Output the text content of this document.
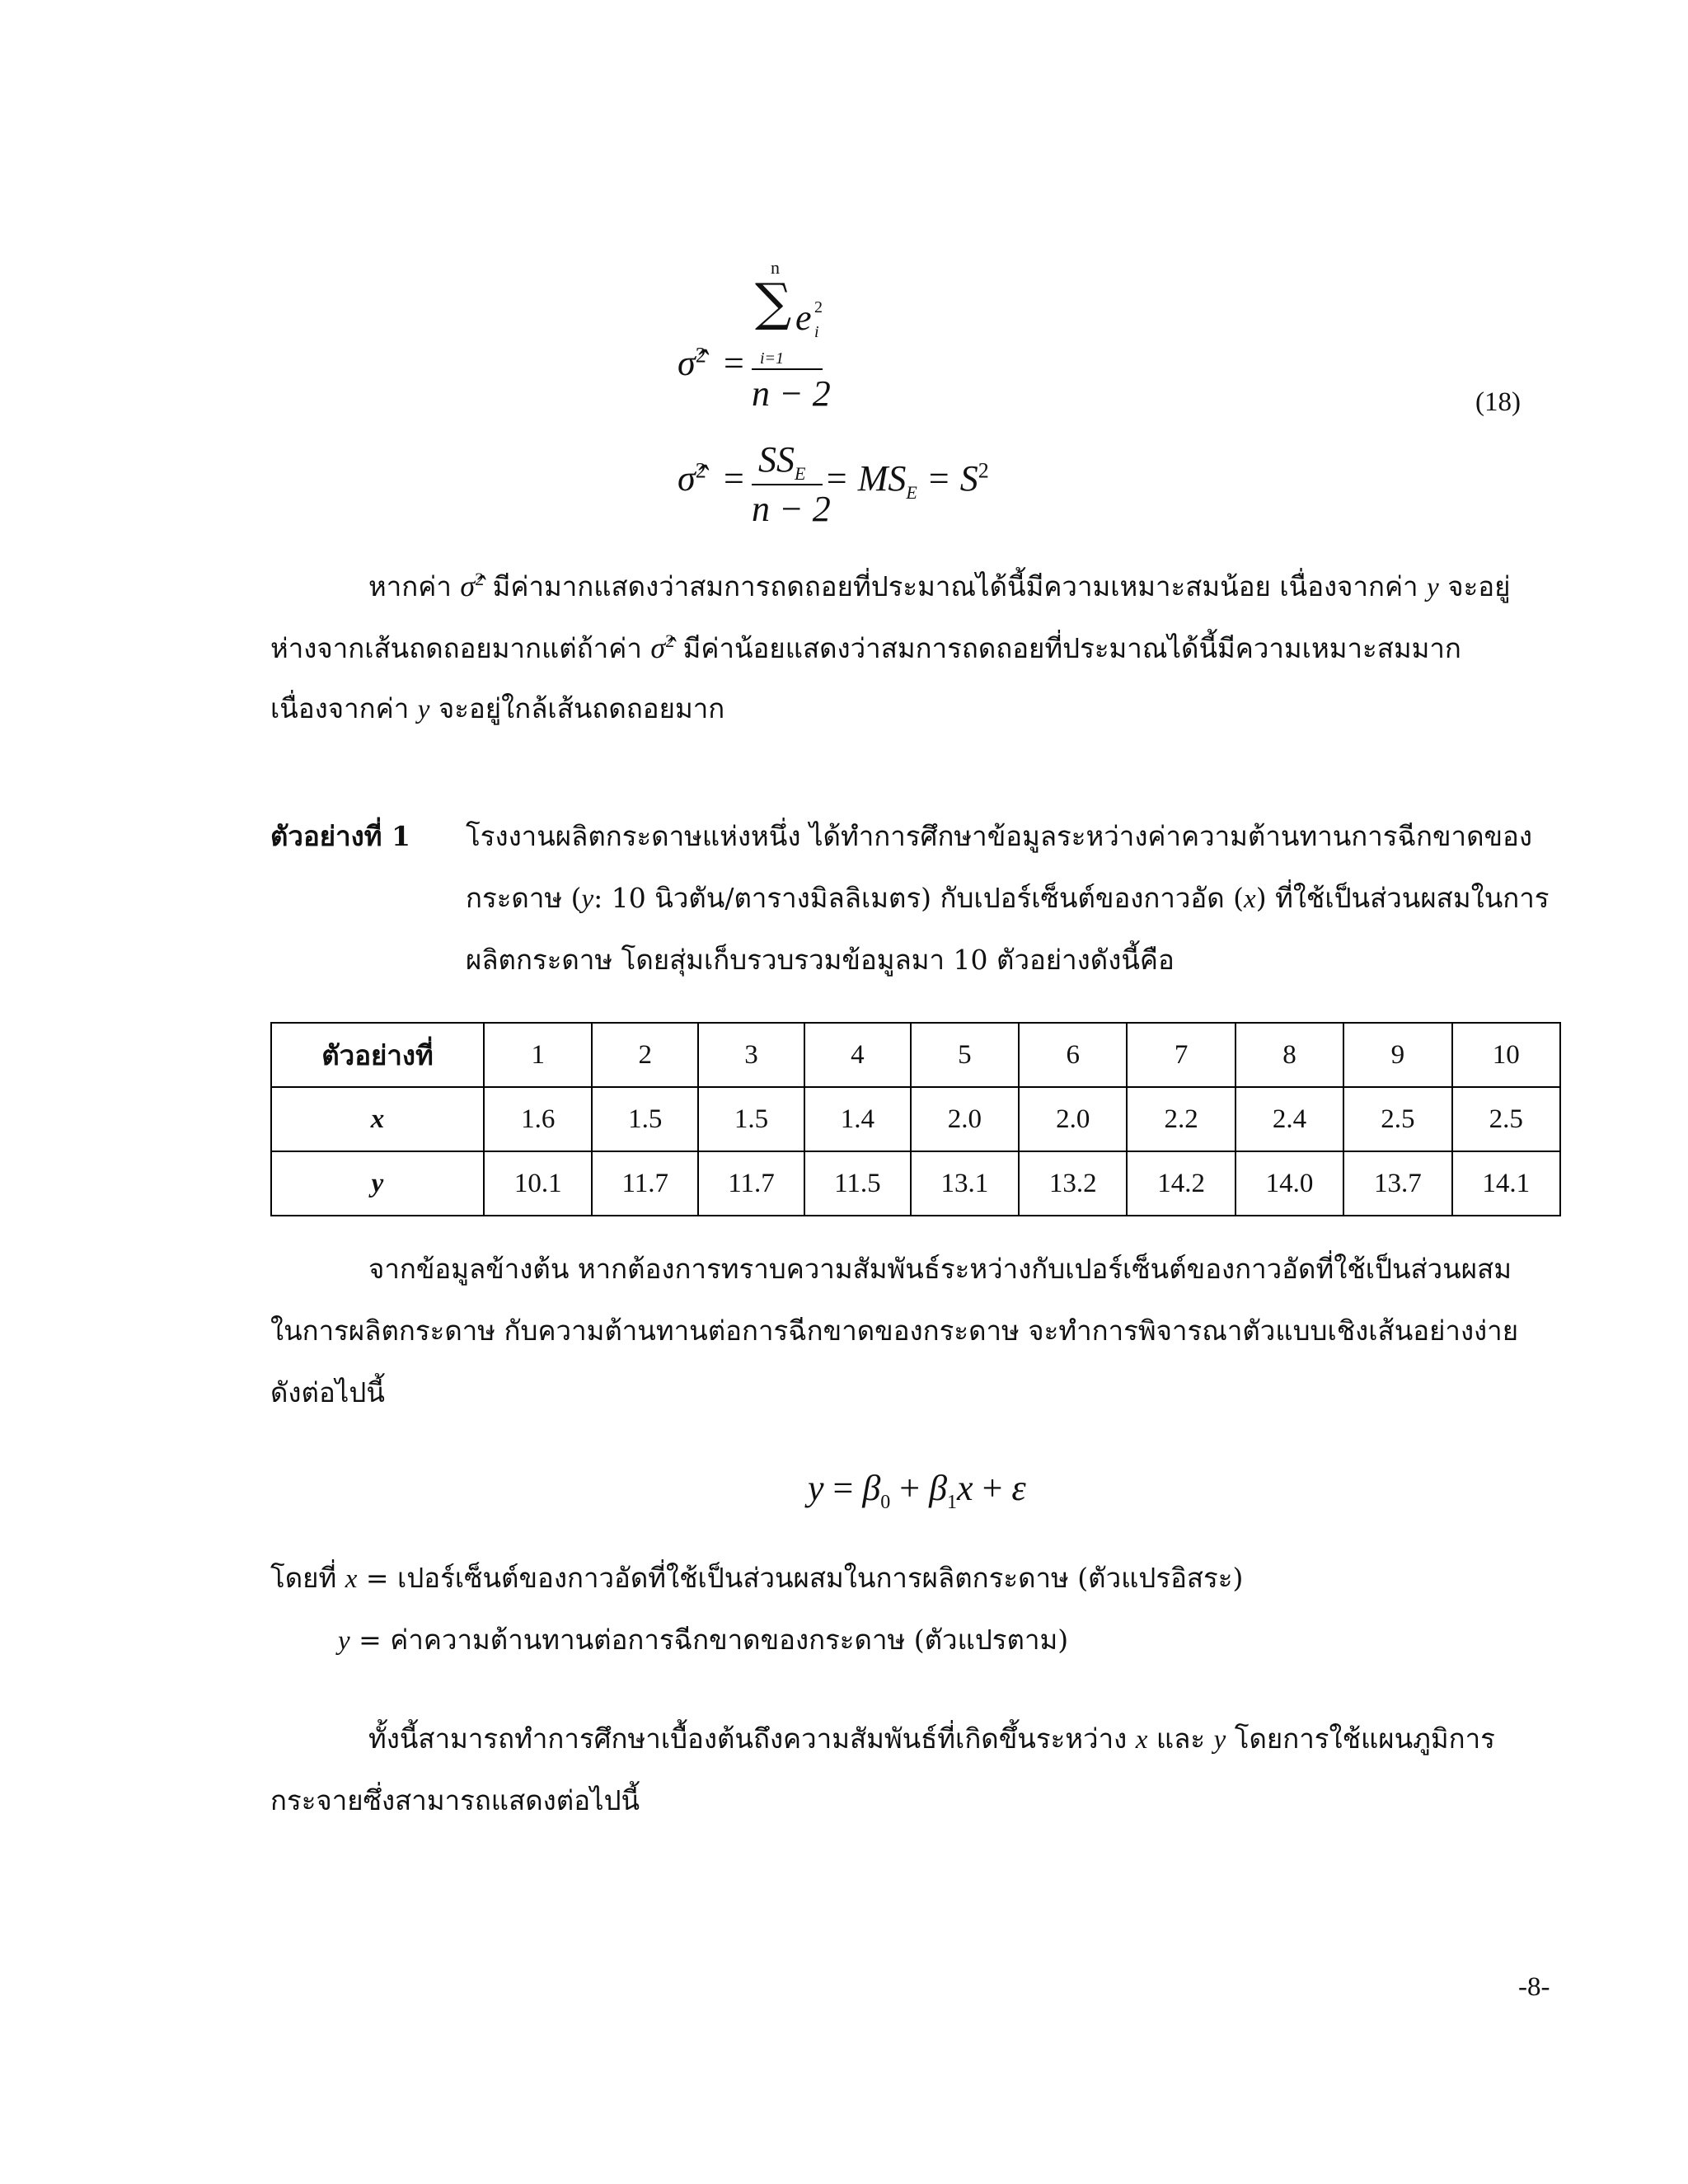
σ̂$^2$ =
n
∑
i=1
e 2
i
n − 2
σ̂$^2$ = $SS_E$
n − 2
= $MS_E = S^2$
(18)
หากค่า σ̂$^2$ มีค่ามากแสดงว่าสมการถดถอยที่ประมาณได้นี้มีความเหมาะสมน้อย เนื่องจากค่า y จะอยู่
ห่างจากเส้นถดถอยมากแต่ถ้าค่า σ̂$^2$ มีค่าน้อยแสดงว่าสมการถดถอยที่ประมาณได้นี้มีความเหมาะสมมาก
เนื่องจากค่า y จะอยู่ใกล้เส้นถดถอยมาก
ตัวอย่างที่ 1 โรงงานผลิตกระดาษแห่งหนึ่ง ได้ทำการศึกษาข้อมูลระหว่างค่าความต้านทานการฉีกขาดของ
กระดาษ (y: 10 นิวตัน/ตารางมิลลิเมตร) กับเปอร์เซ็นต์ของกาวอัด (x) ที่ใช้เป็นส่วนผสมในการ
ผลิตกระดาษ โดยสุ่มเก็บรวบรวมข้อมูลมา 10 ตัวอย่างดังนี้คือ
ตัวอย่างที่	1	2	3	4	5	6	7	8	9	10
x	1.6	1.5	1.5	1.4	2.0	2.0	2.2	2.4	2.5	2.5
y	10.1	11.7	11.7	11.5	13.1	13.2	14.2	14.0	13.7	14.1
จากข้อมูลข้างต้น หากต้องการทราบความสัมพันธ์ระหว่างกับเปอร์เซ็นต์ของกาวอัดที่ใช้เป็นส่วนผสม
ในการผลิตกระดาษ กับความต้านทานต่อการฉีกขาดของกระดาษ จะทำการพิจารณาตัวแบบเชิงเส้นอย่างง่าย
ดังต่อไปนี้
$y = \beta_0 + \beta_1x + \varepsilon$
โดยที่ x = เปอร์เซ็นต์ของกาวอัดที่ใช้เป็นส่วนผสมในการผลิตกระดาษ (ตัวแปรอิสระ)
y = ค่าความต้านทานต่อการฉีกขาดของกระดาษ (ตัวแปรตาม)
ทั้งนี้สามารถทำการศึกษาเบื้องต้นถึงความสัมพันธ์ที่เกิดขึ้นระหว่าง x และ y โดยการใช้แผนภูมิการ
กระจายซึ่งสามารถแสดงต่อไปนี้
-8-
